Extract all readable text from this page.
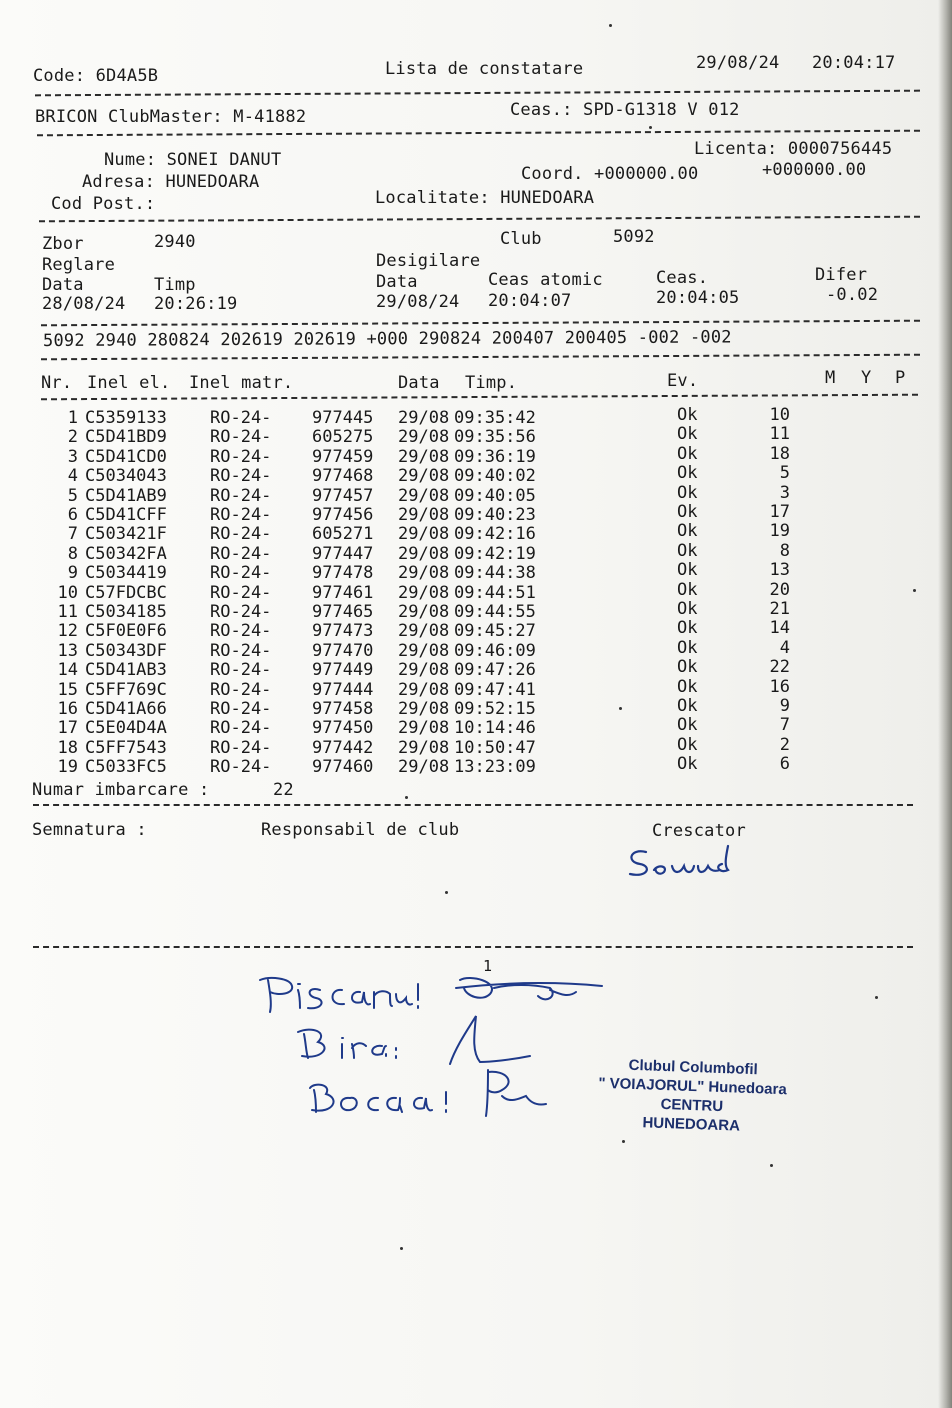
Code: 6D4A5B	Lista de constatare	29/08/24 20:04:17
BRICON ClubMaster: M-41882	Ceas.: SPD-G1318 V 012
Licenta: 0000756445
Nume: SONEI DANUT
Coord. +000000.00	+000000.00
Adresa: HUNEDOARA
Cod Post.:	Localitate: HUNEDOARA
Zbor	2940	Club	5092
Reglare	Desigilare
Data	Timp	Data	Ceas atomic	Ceas.	Difer
28/08/24 20:26:19	29/08/24 20:04:07	20:04:05	-0.02
5092 2940 280824 202619 202619 +000 290824 200407 200405 -002 -002
Nr. Inel el. Inel matr.	Data Timp.	Ev.	M Y P
1 C5359133	RO-24- 977445 29/08 09:35:42	Ok	10
2 C5D41BD9	RO-24- 605275 29/08 09:35:56	Ok	11
3 C5D41CD0	RO-24- 977459 29/08 09:36:19	Ok	18
4 C5034043	RO-24- 977468 29/08 09:40:02	Ok	5
5 C5D41AB9	RO-24- 977457 29/08 09:40:05	Ok	3
6 C5D41CFF	RO-24- 977456 29/08 09:40:23	Ok	17
7 C503421F	RO-24- 605271 29/08 09:42:16	Ok	19
8 C50342FA	RO-24- 977447 29/08 09:42:19	Ok	8
9 C5034419	RO-24- 977478 29/08 09:44:38	Ok	13
10 C57FDCBC	RO-24- 977461 29/08 09:44:51	Ok	20
11 C5034185	RO-24- 977465 29/08 09:44:55	Ok	21
12 C5F0E0F6	RO-24- 977473 29/08 09:45:27	Ok	14
13 C50343DF	RO-24- 977470 29/08 09:46:09	Ok	4
14 C5D41AB3	RO-24- 977449 29/08 09:47:26	Ok	22
15 C5FF769C	RO-24- 977444 29/08 09:47:41	Ok	16
16 C5D41A66	RO-24- 977458 29/08 09:52:15	Ok	9
17 C5E04D4A	RO-24- 977450 29/08 10:14:46	Ok	7
18 C5FF7543	RO-24- 977442 29/08 10:50:47	Ok	2
19 C5033FC5	RO-24- 977460 29/08 13:23:09	Ok	6
Numar imbarcare :	22
Semnatura :	Responsabil de club	Crescator
1
Clubul Columbofil
" VOIAJORUL" Hunedoara
CENTRU
HUNEDOARA
